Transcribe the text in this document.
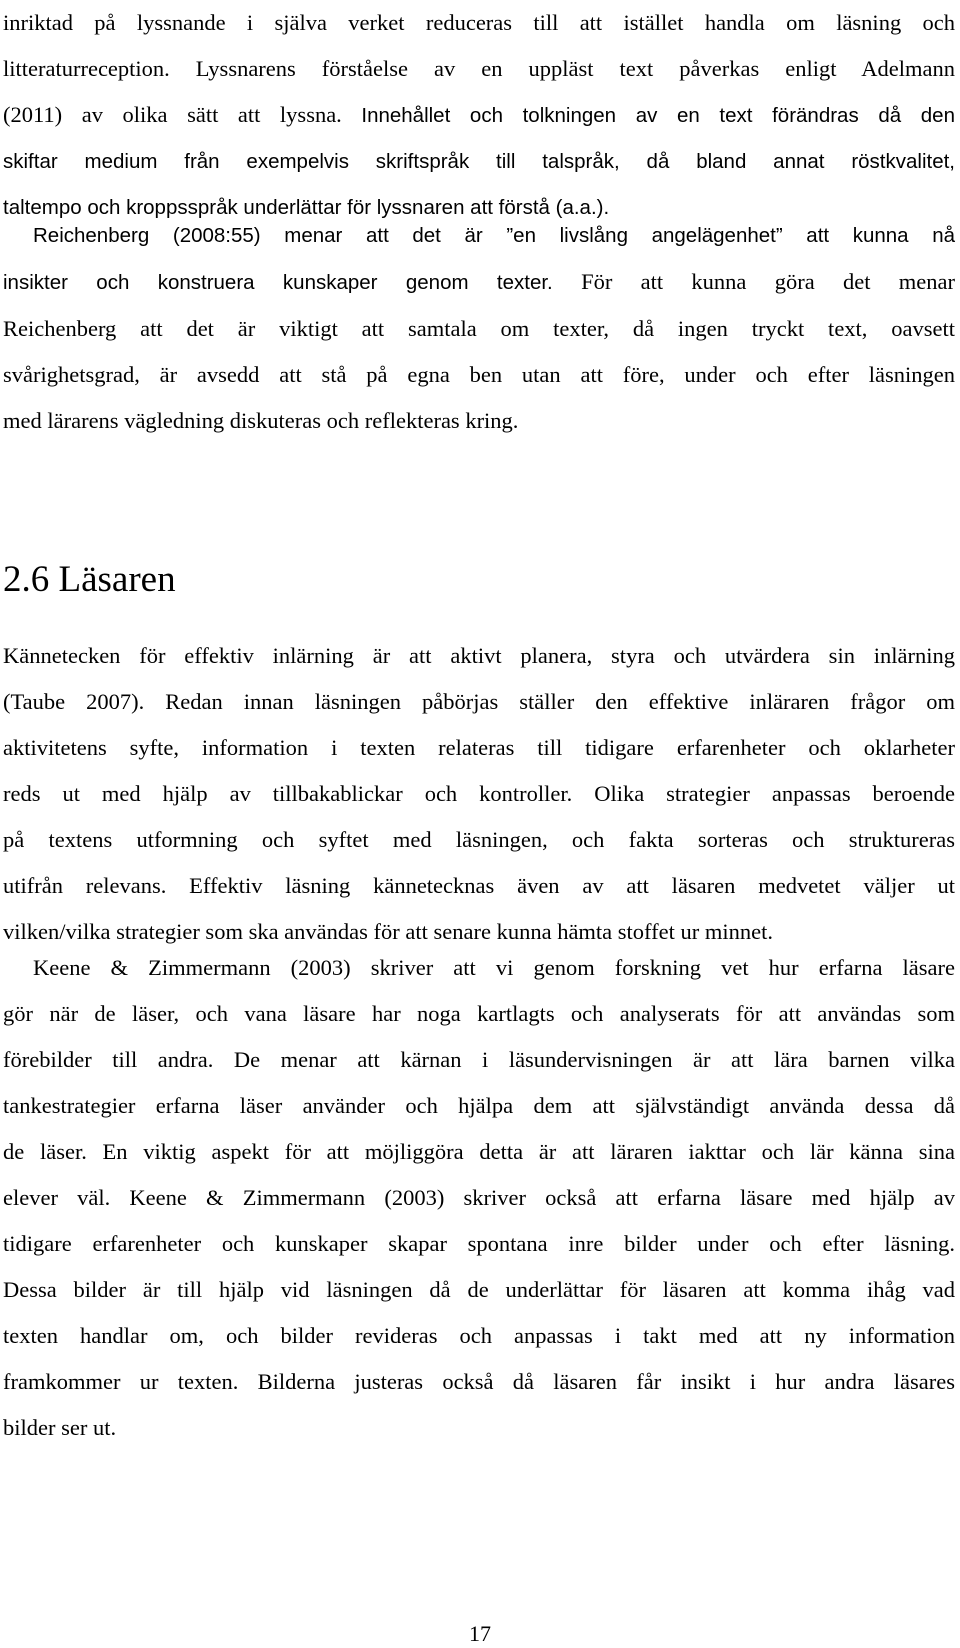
inriktad på lyssnande i själva verket reduceras till att istället handla om läsning och
litteraturreception. Lyssnarens förståelse av en uppläst text påverkas enligt Adelmann
(2011) av olika sätt att lyssna. Innehållet och tolkningen av en text förändras då den
skiftar medium från exempelvis skriftspråk till talspråk, då bland annat röstkvalitet,
taltempo och kroppsspråk underlättar för lyssnaren att förstå (a.a.).
Reichenberg (2008:55) menar att det är ”en livslång angelägenhet” att kunna nå
insikter och konstruera kunskaper genom texter. För att kunna göra det menar
Reichenberg att det är viktigt att samtala om texter, då ingen tryckt text, oavsett
svårighetsgrad, är avsedd att stå på egna ben utan att före, under och efter läsningen
med lärarens vägledning diskuteras och reflekteras kring.
2.6 Läsaren
Kännetecken för effektiv inlärning är att aktivt planera, styra och utvärdera sin inlärning
(Taube 2007). Redan innan läsningen påbörjas ställer den effektive inläraren frågor om
aktivitetens syfte, information i texten relateras till tidigare erfarenheter och oklarheter
reds ut med hjälp av tillbakablickar och kontroller. Olika strategier anpassas beroende
på textens utformning och syftet med läsningen, och fakta sorteras och struktureras
utifrån relevans. Effektiv läsning kännetecknas även av att läsaren medvetet väljer ut
vilken/vilka strategier som ska användas för att senare kunna hämta stoffet ur minnet.
Keene & Zimmermann (2003) skriver att vi genom forskning vet hur erfarna läsare
gör när de läser, och vana läsare har noga kartlagts och analyserats för att användas som
förebilder till andra. De menar att kärnan i läsundervisningen är att lära barnen vilka
tankestrategier erfarna läser använder och hjälpa dem att självständigt använda dessa då
de läser. En viktig aspekt för att möjliggöra detta är att läraren iakttar och lär känna sina
elever väl. Keene & Zimmermann (2003) skriver också att erfarna läsare med hjälp av
tidigare erfarenheter och kunskaper skapar spontana inre bilder under och efter läsning.
Dessa bilder är till hjälp vid läsningen då de underlättar för läsaren att komma ihåg vad
texten handlar om, och bilder revideras och anpassas i takt med att ny information
framkommer ur texten. Bilderna justeras också då läsaren får insikt i hur andra läsares
bilder ser ut.
17
